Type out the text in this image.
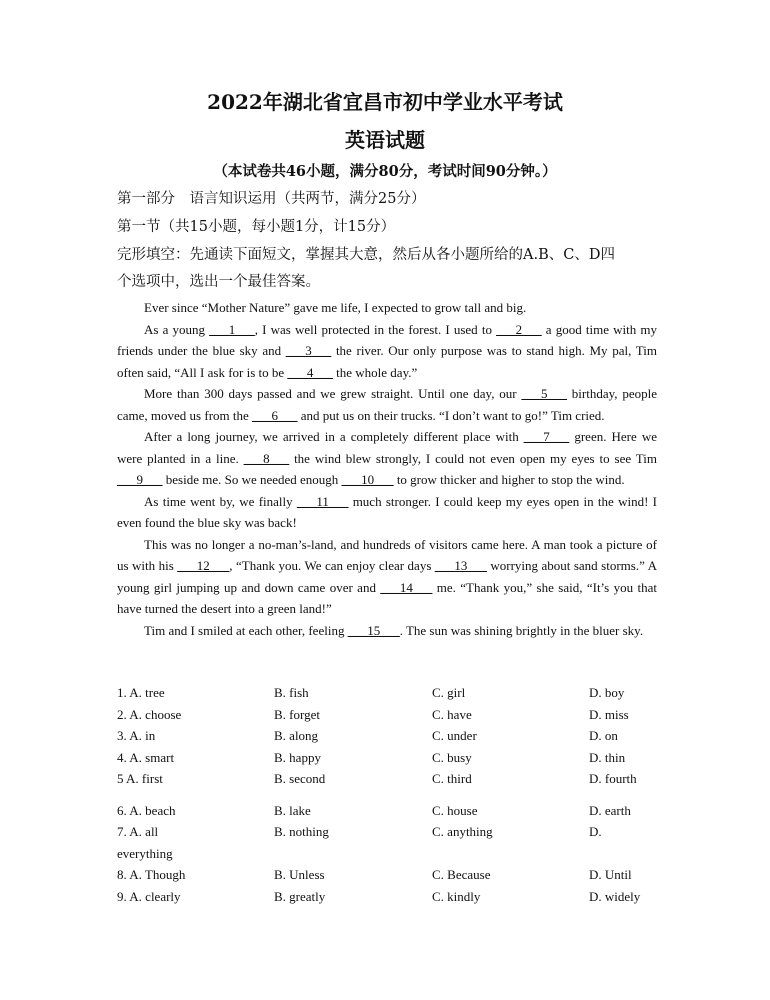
2022年湖北省宜昌市初中学业水平考试
英语试题
（本试卷共46小题，满分80分，考试时间90分钟。）
第一部分　语言知识运用（共两节，满分25分）
第一节（共15小题，每小题1分，计15分）
完形填空：先通读下面短文，掌握其大意，然后从各小题所给的A.B、C、D四
个选项中，选出一个最佳答案。

Ever since “Mother Nature” gave me life, I expected to grow tall and big.

As a young ___1___, I was well protected in the forest. I used to ___2___ a good time with my friends under the blue sky and ___3___ the river. Our only purpose was to stand high. My pal, Tim often said, “All I ask for is to be ___4___ the whole day.”

More than 300 days passed and we grew straight. Until one day, our ___5___ birthday, people came, moved us from the ___6___ and put us on their trucks. “I don’t want to go!” Tim cried.

After a long journey, we arrived in a completely different place with ___7___ green. Here we were planted in a line. ___8___ the wind blew strongly, I could not even open my eyes to see Tim ___9___ beside me. So we needed enough ___10___ to grow thicker and higher to stop the wind.

As time went by, we finally ___11___ much stronger. I could keep my eyes open in the wind! I even found the blue sky was back!

This was no longer a no-man’s-land, and hundreds of visitors came here. A man took a picture of us with his ___12___, “Thank you. We can enjoy clear days ___13___ worrying about sand storms.” A young girl jumping up and down came over and ___14___ me. “Thank you,” she said, “It’s you that have turned the desert into a green land!”

Tim and I smiled at each other, feeling ___15___. The sun was shining brightly in the bluer sky.

1. A. tree	B. fish	C. girl	D. boy
2. A. choose	B. forget	C. have	D. miss
3. A. in	B. along	C. under	D. on
4. A. smart	B. happy	C. busy	D. thin
5 A. first	B. second	C. third	D. fourth
6. A. beach	B. lake	C. house	D. earth
7. A. all	B. nothing	C. anything	D.
everything
8. A. Though	B. Unless	C. Because	D. Until
9. A. clearly	B. greatly	C. kindly	D. widely
